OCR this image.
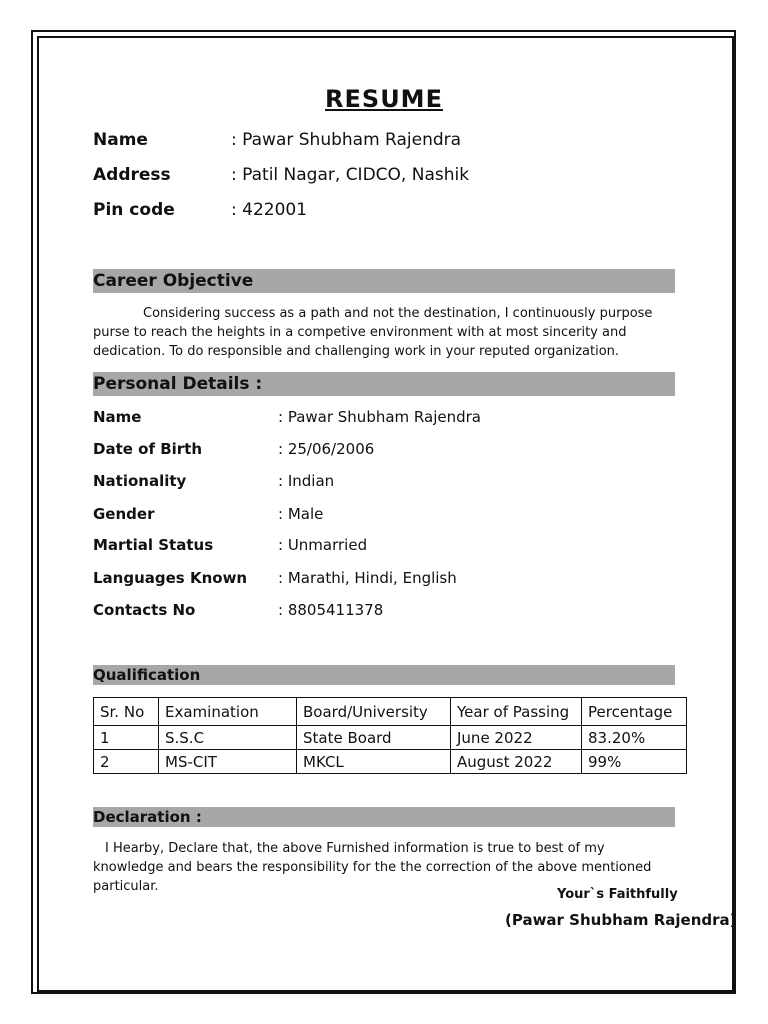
RESUME
Name	: Pawar Shubham Rajendra
Address	: Patil Nagar, CIDCO, Nashik
Pin code	: 422001
Career Objective
Considering success as a path and not the destination, I continuously purpose purse to reach the heights in a competive environment with at most sincerity and dedication. To do responsible and challenging work in your reputed organization.
Personal Details :
Name	: Pawar Shubham Rajendra
Date of Birth	: 25/06/2006
Nationality	: Indian
Gender	: Male
Martial Status	: Unmarried
Languages Known : Marathi, Hindi, English
Contacts No	: 8805411378
Qualification
Sr. No	Examination	Board/University	Year of Passing	Percentage
1	S.S.C	State Board	June 2022	83.20%
2	MS-CIT	MKCL	August 2022	99%
Declaration :
I Hearby, Declare that, the above Furnished information is true to best of my knowledge and bears the responsibility for the the correction of the above mentioned particular.
Your`s Faithfully
(Pawar Shubham Rajendra)
